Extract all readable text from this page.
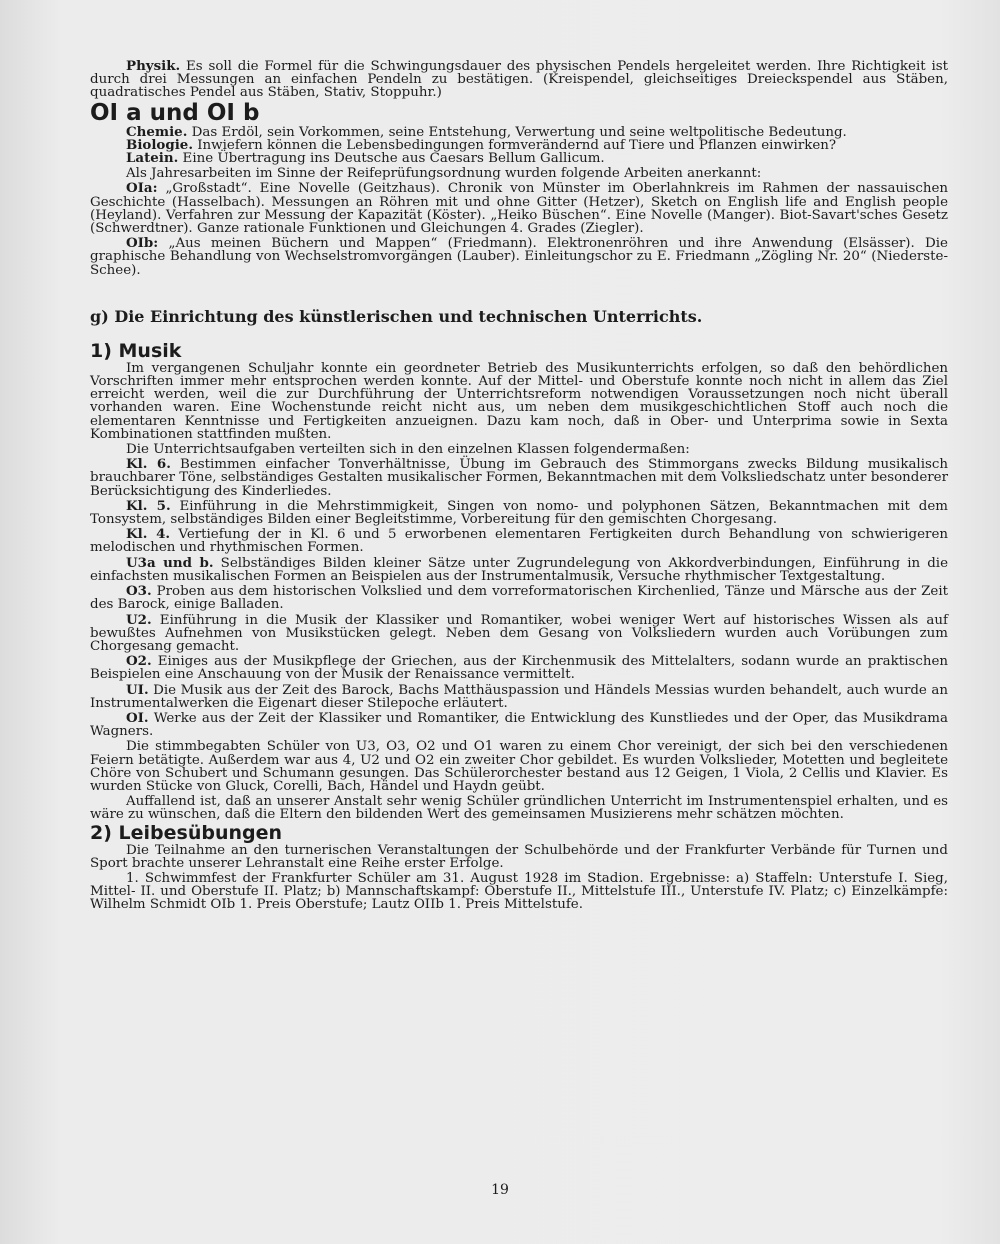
Physik. Es soll die Formel für die Schwingungsdauer des physischen Pendels hergeleitet werden. Ihre Richtigkeit ist durch drei Messungen an einfachen Pendeln zu bestätigen. (Kreispendel, gleichseitiges Dreieckspendel aus Stäben, quadratisches Pendel aus Stäben, Stativ, Stoppuhr.)

OI a und OI b

Chemie. Das Erdöl, sein Vorkommen, seine Entstehung, Verwertung und seine weltpolitische Bedeutung.

Biologie. Inwiefern können die Lebensbedingungen formverändernd auf Tiere und Pflanzen einwirken?

Latein. Eine Übertragung ins Deutsche aus Caesars Bellum Gallicum.

Als Jahresarbeiten im Sinne der Reifeprüfungsordnung wurden folgende Arbeiten anerkannt:

OIa: „Großstadt“. Eine Novelle (Geitzhaus). Chronik von Münster im Oberlahnkreis im Rahmen der nassauischen Geschichte (Hasselbach). Messungen an Röhren mit und ohne Gitter (Hetzer), Sketch on English life and English people (Heyland). Verfahren zur Messung der Kapazität (Köster). „Heiko Büschen“. Eine Novelle (Manger). Biot-Savart'sches Gesetz (Schwerdtner). Ganze rationale Funktionen und Gleichungen 4. Grades (Ziegler).

OIb: „Aus meinen Büchern und Mappen“ (Friedmann). Elektronenröhren und ihre Anwendung (Elsässer). Die graphische Behandlung von Wechselstromvorgängen (Lauber). Einleitungschor zu E. Friedmann „Zögling Nr. 20“ (Niederste-Schee).

g) Die Einrichtung des künstlerischen und technischen Unterrichts.
1) Musik

Im vergangenen Schuljahr konnte ein geordneter Betrieb des Musikunterrichts erfolgen, so daß den behördlichen Vorschriften immer mehr entsprochen werden konnte. Auf der Mittel- und Oberstufe konnte noch nicht in allem das Ziel erreicht werden, weil die zur Durchführung der Unterrichtsreform notwendigen Voraussetzungen noch nicht überall vorhanden waren. Eine Wochenstunde reicht nicht aus, um neben dem musikgeschichtlichen Stoff auch noch die elementaren Kenntnisse und Fertigkeiten anzueignen. Dazu kam noch, daß in Ober- und Unterprima sowie in Sexta Kombinationen stattfinden mußten.

Die Unterrichtsaufgaben verteilten sich in den einzelnen Klassen folgendermaßen:

Kl. 6. Bestimmen einfacher Tonverhältnisse, Übung im Gebrauch des Stimmorgans zwecks Bildung musikalisch brauchbarer Töne, selbständiges Gestalten musikalischer Formen, Bekanntmachen mit dem Volksliedschatz unter besonderer Berücksichtigung des Kinderliedes.

Kl. 5. Einführung in die Mehrstimmigkeit, Singen von nomo- und polyphonen Sätzen, Bekanntmachen mit dem Tonsystem, selbständiges Bilden einer Begleitstimme, Vorbereitung für den gemischten Chorgesang.

Kl. 4. Vertiefung der in Kl. 6 und 5 erworbenen elementaren Fertigkeiten durch Behandlung von schwierigeren melodischen und rhythmischen Formen.

U3a und b. Selbständiges Bilden kleiner Sätze unter Zugrundelegung von Akkordverbindungen, Einführung in die einfachsten musikalischen Formen an Beispielen aus der Instrumentalmusik, Versuche rhythmischer Textgestaltung.

O3. Proben aus dem historischen Volkslied und dem vorreformatorischen Kirchenlied, Tänze und Märsche aus der Zeit des Barock, einige Balladen.

U2. Einführung in die Musik der Klassiker und Romantiker, wobei weniger Wert auf historisches Wissen als auf bewußtes Aufnehmen von Musikstücken gelegt. Neben dem Gesang von Volksliedern wurden auch Vorübungen zum Chorgesang gemacht.

O2. Einiges aus der Musikpflege der Griechen, aus der Kirchenmusik des Mittelalters, sodann wurde an praktischen Beispielen eine Anschauung von der Musik der Renaissance vermittelt.

UI. Die Musik aus der Zeit des Barock, Bachs Matthäuspassion und Händels Messias wurden behandelt, auch wurde an Instrumentalwerken die Eigenart dieser Stilepoche erläutert.

OI. Werke aus der Zeit der Klassiker und Romantiker, die Entwicklung des Kunstliedes und der Oper, das Musikdrama Wagners.

Die stimmbegabten Schüler von U3, O3, O2 und O1 waren zu einem Chor vereinigt, der sich bei den verschiedenen Feiern betätigte. Außerdem war aus 4, U2 und O2 ein zweiter Chor gebildet. Es wurden Volkslieder, Motetten und begleitete Chöre von Schubert und Schumann gesungen. Das Schülerorchester bestand aus 12 Geigen, 1 Viola, 2 Cellis und Klavier. Es wurden Stücke von Gluck, Corelli, Bach, Händel und Haydn geübt.

Auffallend ist, daß an unserer Anstalt sehr wenig Schüler gründlichen Unterricht im Instrumentenspiel erhalten, und es wäre zu wünschen, daß die Eltern den bildenden Wert des gemeinsamen Musizierens mehr schätzen möchten.

2) Leibesübungen

Die Teilnahme an den turnerischen Veranstaltungen der Schulbehörde und der Frankfurter Verbände für Turnen und Sport brachte unserer Lehranstalt eine Reihe erster Erfolge.

1. Schwimmfest der Frankfurter Schüler am 31. August 1928 im Stadion. Ergebnisse: a) Staffeln: Unterstufe I. Sieg, Mittel- II. und Oberstufe II. Platz; b) Mannschaftskampf: Oberstufe II., Mittelstufe III., Unterstufe IV. Platz; c) Einzelkämpfe: Wilhelm Schmidt OIb 1. Preis Oberstufe; Lautz OIIb 1. Preis Mittelstufe.

19
